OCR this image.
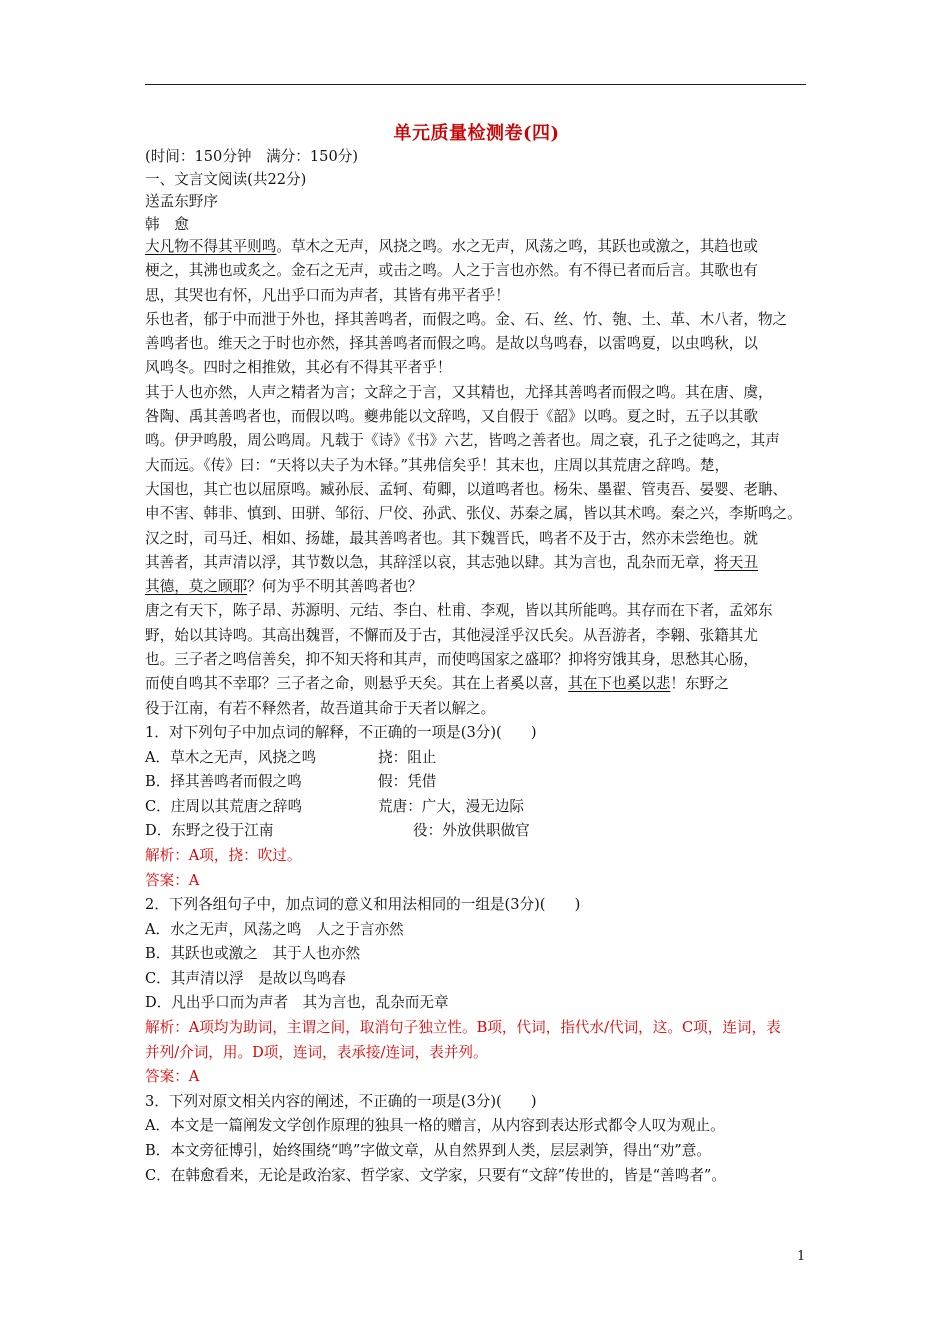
单元质量检测卷(四)
(时间：150分钟　满分：150分)
一、文言文阅读(共22分)
送孟东野序
韩　愈
大凡物不得其平则鸣。草木之无声，风挠之鸣。水之无声，风荡之鸣，其跃也或激之，其趋也或
梗之，其沸也或炙之。金石之无声，或击之鸣。人之于言也亦然。有不得已者而后言。其歌也有
思，其哭也有怀，凡出乎口而为声者，其皆有弗平者乎！
乐也者，郁于中而泄于外也，择其善鸣者，而假之鸣。金、石、丝、竹、匏、土、革、木八者，物之
善鸣者也。维天之于时也亦然，择其善鸣者而假之鸣。是故以鸟鸣春，以雷鸣夏，以虫鸣秋，以
风鸣冬。四时之相推敓，其必有不得其平者乎！
其于人也亦然，人声之精者为言；文辞之于言，又其精也，尤择其善鸣者而假之鸣。其在唐、虞，
咎陶、禹其善鸣者也，而假以鸣。夔弗能以文辞鸣，又自假于《韶》以鸣。夏之时，五子以其歌
鸣。伊尹鸣殷，周公鸣周。凡载于《诗》《书》六艺，皆鸣之善者也。周之衰，孔子之徒鸣之，其声
大而远。《传》曰：“天将以夫子为木铎。”其弗信矣乎！其末也，庄周以其荒唐之辞鸣。楚，
大国也，其亡也以屈原鸣。臧孙辰、孟轲、荀卿，以道鸣者也。杨朱、墨翟、管夷吾、晏婴、老聃、
申不害、韩非、慎到、田骈、邹衍、尸佼、孙武、张仪、苏秦之属，皆以其术鸣。秦之兴，李斯鸣之。
汉之时，司马迁、相如、扬雄，最其善鸣者也。其下魏晋氏，鸣者不及于古，然亦未尝绝也。就
其善者，其声清以浮，其节数以急，其辞淫以哀，其志弛以肆。其为言也，乱杂而无章，将天丑
其德，莫之顾耶？何为乎不明其善鸣者也？
唐之有天下，陈子昂、苏源明、元结、李白、杜甫、李观，皆以其所能鸣。其存而在下者，孟郊东
野，始以其诗鸣。其高出魏晋，不懈而及于古，其他浸淫乎汉氏矣。从吾游者，李翱、张籍其尤
也。三子者之鸣信善矣，抑不知天将和其声，而使鸣国家之盛耶？抑将穷饿其身，思愁其心肠，
而使自鸣其不幸耶？三子者之命，则悬乎天矣。其在上者奚以喜，其在下也奚以悲！东野之
役于江南，有若不释然者，故吾道其命于天者以解之。
1．对下列句子中加点词的解释，不正确的一项是(3分)(　　)
A．草木之无声，风挠之鸣	挠：阻止
B．择其善鸣者而假之鸣	假：凭借
C．庄周以其荒唐之辞鸣	荒唐：广大，漫无边际
D．东野之役于江南	役：外放供职做官
解析：A项，挠：吹过。
答案：A
2．下列各组句子中，加点词的意义和用法相同的一组是(3分)(　　)
A．水之无声，风荡之鸣　人之于言亦然
B．其跃也或激之　其于人也亦然
C．其声清以浮　是故以鸟鸣春
D．凡出乎口而为声者　其为言也，乱杂而无章
解析：A项均为助词，主谓之间，取消句子独立性。B项，代词，指代水/代词，这。C项，连词，表
并列/介词，用。D项，连词，表承接/连词，表并列。
答案：A
3．下列对原文相关内容的阐述，不正确的一项是(3分)(　　)
A．本文是一篇阐发文学创作原理的独具一格的赠言，从内容到表达形式都令人叹为观止。
B．本文旁征博引，始终围绕“鸣”字做文章，从自然界到人类，层层剥笋，得出“劝”意。
C．在韩愈看来，无论是政治家、哲学家、文学家，只要有“文辞”传世的，皆是“善鸣者”。
1
